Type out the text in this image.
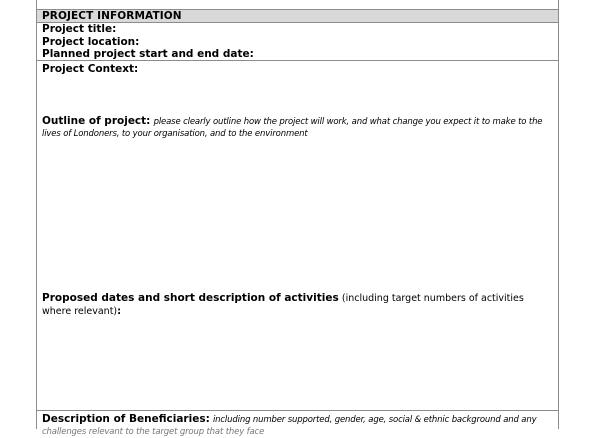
PROJECT INFORMATION
Project title:
Project location:
Planned project start and end date:
Project Context:
Outline of project: please clearly outline how the project will work, and what change you expect it to make to the lives of Londoners, to your organisation, and to the environment
Proposed dates and short description of activities (including target numbers of activities where relevant):
Description of Beneficiaries: including number supported, gender, age, social & ethnic background and any
challenges relevant to the target group that they face
